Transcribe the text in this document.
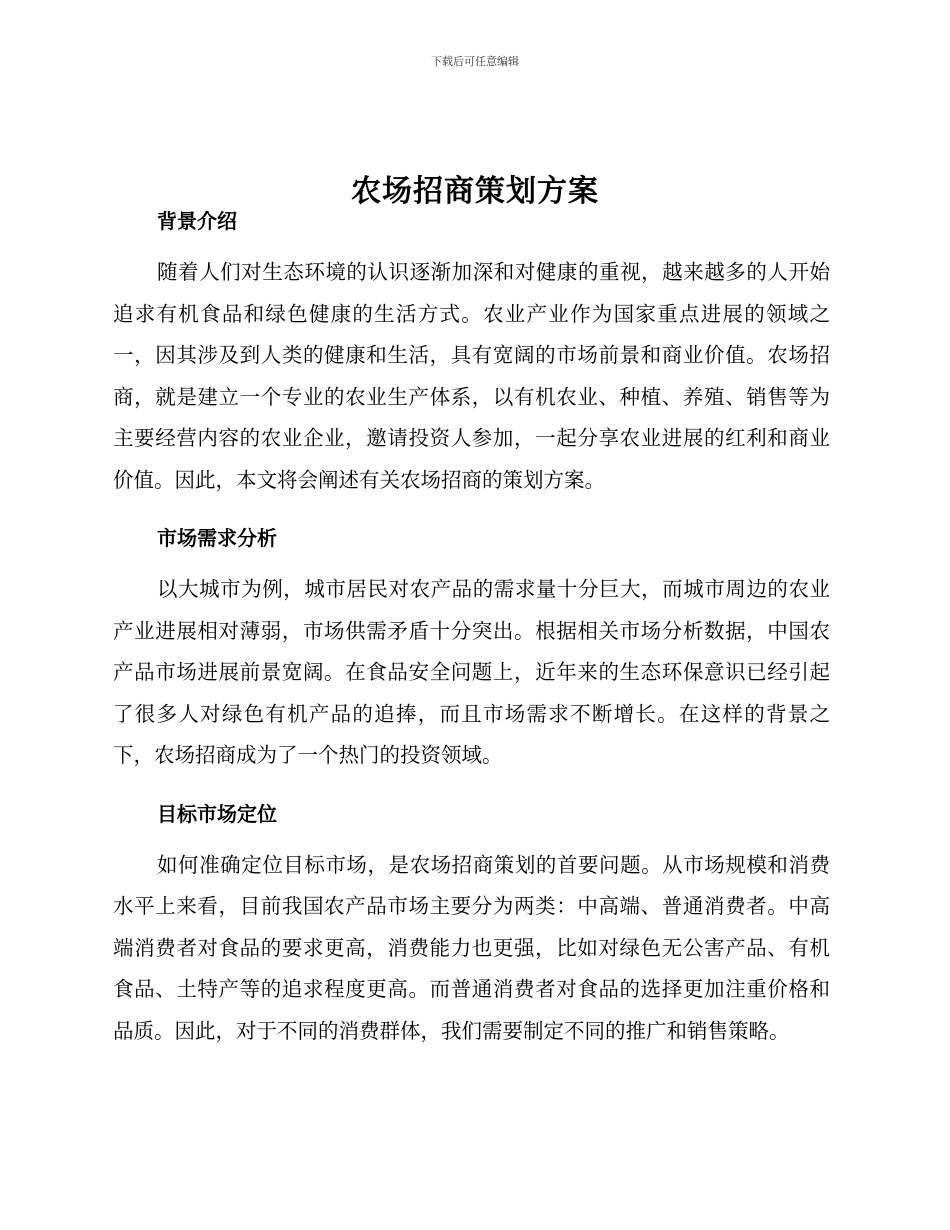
下载后可任意编辑
农场招商策划方案
背景介绍

随着人们对生态环境的认识逐渐加深和对健康的重视，越来越多的人开始追求有机食品和绿色健康的生活方式。农业产业作为国家重点进展的领域之一，因其涉及到人类的健康和生活，具有宽阔的市场前景和商业价值。农场招商，就是建立一个专业的农业生产体系，以有机农业、种植、养殖、销售等为主要经营内容的农业企业，邀请投资人参加，一起分享农业进展的红利和商业价值。因此，本文将会阐述有关农场招商的策划方案。

市场需求分析

以大城市为例，城市居民对农产品的需求量十分巨大，而城市周边的农业产业进展相对薄弱，市场供需矛盾十分突出。根据相关市场分析数据，中国农产品市场进展前景宽阔。在食品安全问题上，近年来的生态环保意识已经引起了很多人对绿色有机产品的追捧，而且市场需求不断增长。在这样的背景之下，农场招商成为了一个热门的投资领域。

目标市场定位

如何准确定位目标市场，是农场招商策划的首要问题。从市场规模和消费水平上来看，目前我国农产品市场主要分为两类：中高端、普通消费者。中高端消费者对食品的要求更高，消费能力也更强，比如对绿色无公害产品、有机食品、土特产等的追求程度更高。而普通消费者对食品的选择更加注重价格和品质。因此，对于不同的消费群体，我们需要制定不同的推广和销售策略。
